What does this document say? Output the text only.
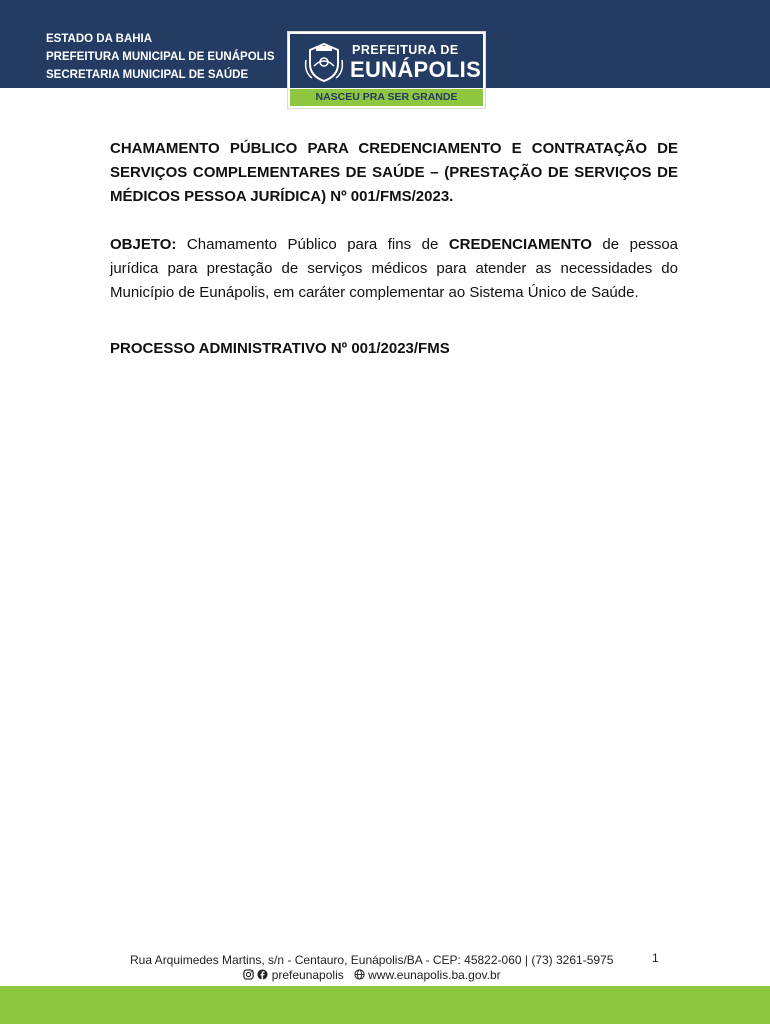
ESTADO DA BAHIA
PREFEITURA MUNICIPAL DE EUNÁPOLIS
SECRETARIA MUNICIPAL DE SAÚDE
PREFEITURA DE
EUNÁPOLIS
NASCEU PRA SER GRANDE

CHAMAMENTO PÚBLICO PARA CREDENCIAMENTO E CONTRATAÇÃO DE SERVIÇOS COMPLEMENTARES DE SAÚDE – (PRESTAÇÃO DE SERVIÇOS DE MÉDICOS PESSOA JURÍDICA) Nº 001/FMS/2023.

OBJETO: Chamamento Público para fins de CREDENCIAMENTO de pessoa jurídica para prestação de serviços médicos para atender as necessidades do Município de Eunápolis, em caráter complementar ao Sistema Único de Saúde.

PROCESSO ADMINISTRATIVO Nº 001/2023/FMS

Rua Arquimedes Martins, s/n - Centauro, Eunápolis/BA - CEP: 45822-060 | (73) 3261-5975	1
prefeunapolis www.eunapolis.ba.gov.br
